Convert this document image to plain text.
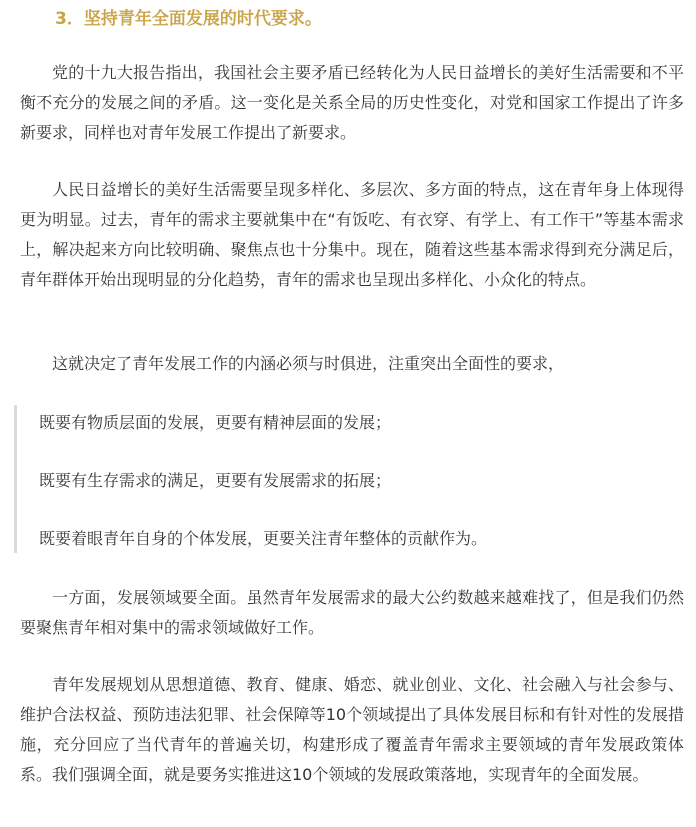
3．坚持青年全面发展的时代要求。

党的十九大报告指出，我国社会主要矛盾已经转化为人民日益增长的美好生活需要和不平衡不充分的发展之间的矛盾。这一变化是关系全局的历史性变化，对党和国家工作提出了许多新要求，同样也对青年发展工作提出了新要求。

人民日益增长的美好生活需要呈现多样化、多层次、多方面的特点，这在青年身上体现得更为明显。过去，青年的需求主要就集中在“有饭吃、有衣穿、有学上、有工作干”等基本需求上，解决起来方向比较明确、聚焦点也十分集中。现在，随着这些基本需求得到充分满足后，青年群体开始出现明显的分化趋势，青年的需求也呈现出多样化、小众化的特点。

这就决定了青年发展工作的内涵必须与时俱进，注重突出全面性的要求，

既要有物质层面的发展，更要有精神层面的发展；

既要有生存需求的满足，更要有发展需求的拓展；

既要着眼青年自身的个体发展，更要关注青年整体的贡献作为。

一方面，发展领域要全面。虽然青年发展需求的最大公约数越来越难找了，但是我们仍然要聚焦青年相对集中的需求领域做好工作。

青年发展规划从思想道德、教育、健康、婚恋、就业创业、文化、社会融入与社会参与、维护合法权益、预防违法犯罪、社会保障等10个领域提出了具体发展目标和有针对性的发展措施，充分回应了当代青年的普遍关切，构建形成了覆盖青年需求主要领域的青年发展政策体系。我们强调全面，就是要务实推进这10个领域的发展政策落地，实现青年的全面发展。
